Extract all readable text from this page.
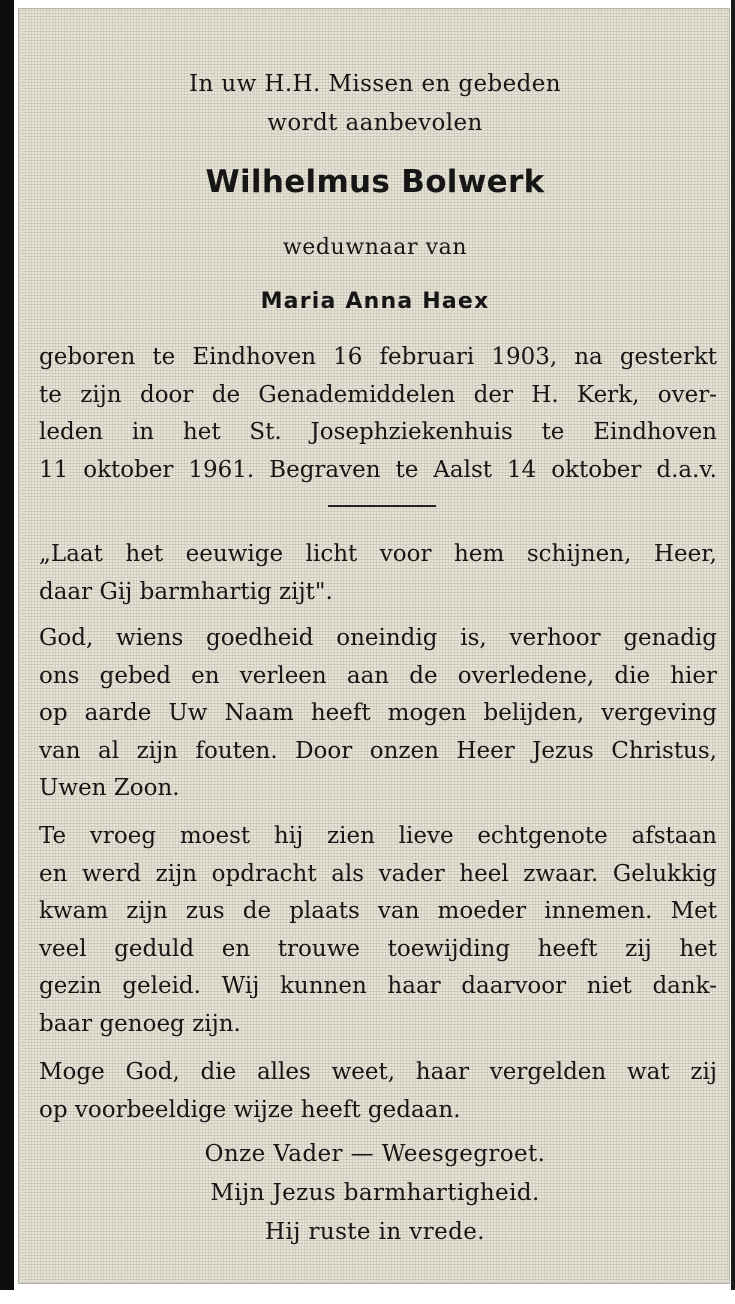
In uw H.H. Missen en gebeden
wordt aanbevolen
Wilhelmus Bolwerk
weduwnaar van
Maria Anna Haex
geboren te Eindhoven 16 februari 1903, na gesterkt
te zijn door de Genademiddelen der H. Kerk, over-
leden in het St. Josephziekenhuis te Eindhoven
11 oktober 1961. Begraven te Aalst 14 oktober d.a.v.
„Laat het eeuwige licht voor hem schijnen, Heer,
daar Gij barmhartig zijt".
God, wiens goedheid oneindig is, verhoor genadig
ons gebed en verleen aan de overledene, die hier
op aarde Uw Naam heeft mogen belijden, vergeving
van al zijn fouten. Door onzen Heer Jezus Christus,
Uwen Zoon.
Te vroeg moest hij zien lieve echtgenote afstaan
en werd zijn opdracht als vader heel zwaar. Gelukkig
kwam zijn zus de plaats van moeder innemen. Met
veel geduld en trouwe toewijding heeft zij het
gezin geleid. Wij kunnen haar daarvoor niet dank-
baar genoeg zijn.
Moge God, die alles weet, haar vergelden wat zij
op voorbeeldige wijze heeft gedaan.
Onze Vader — Weesgegroet.
Mijn Jezus barmhartigheid.
Hij ruste in vrede.
